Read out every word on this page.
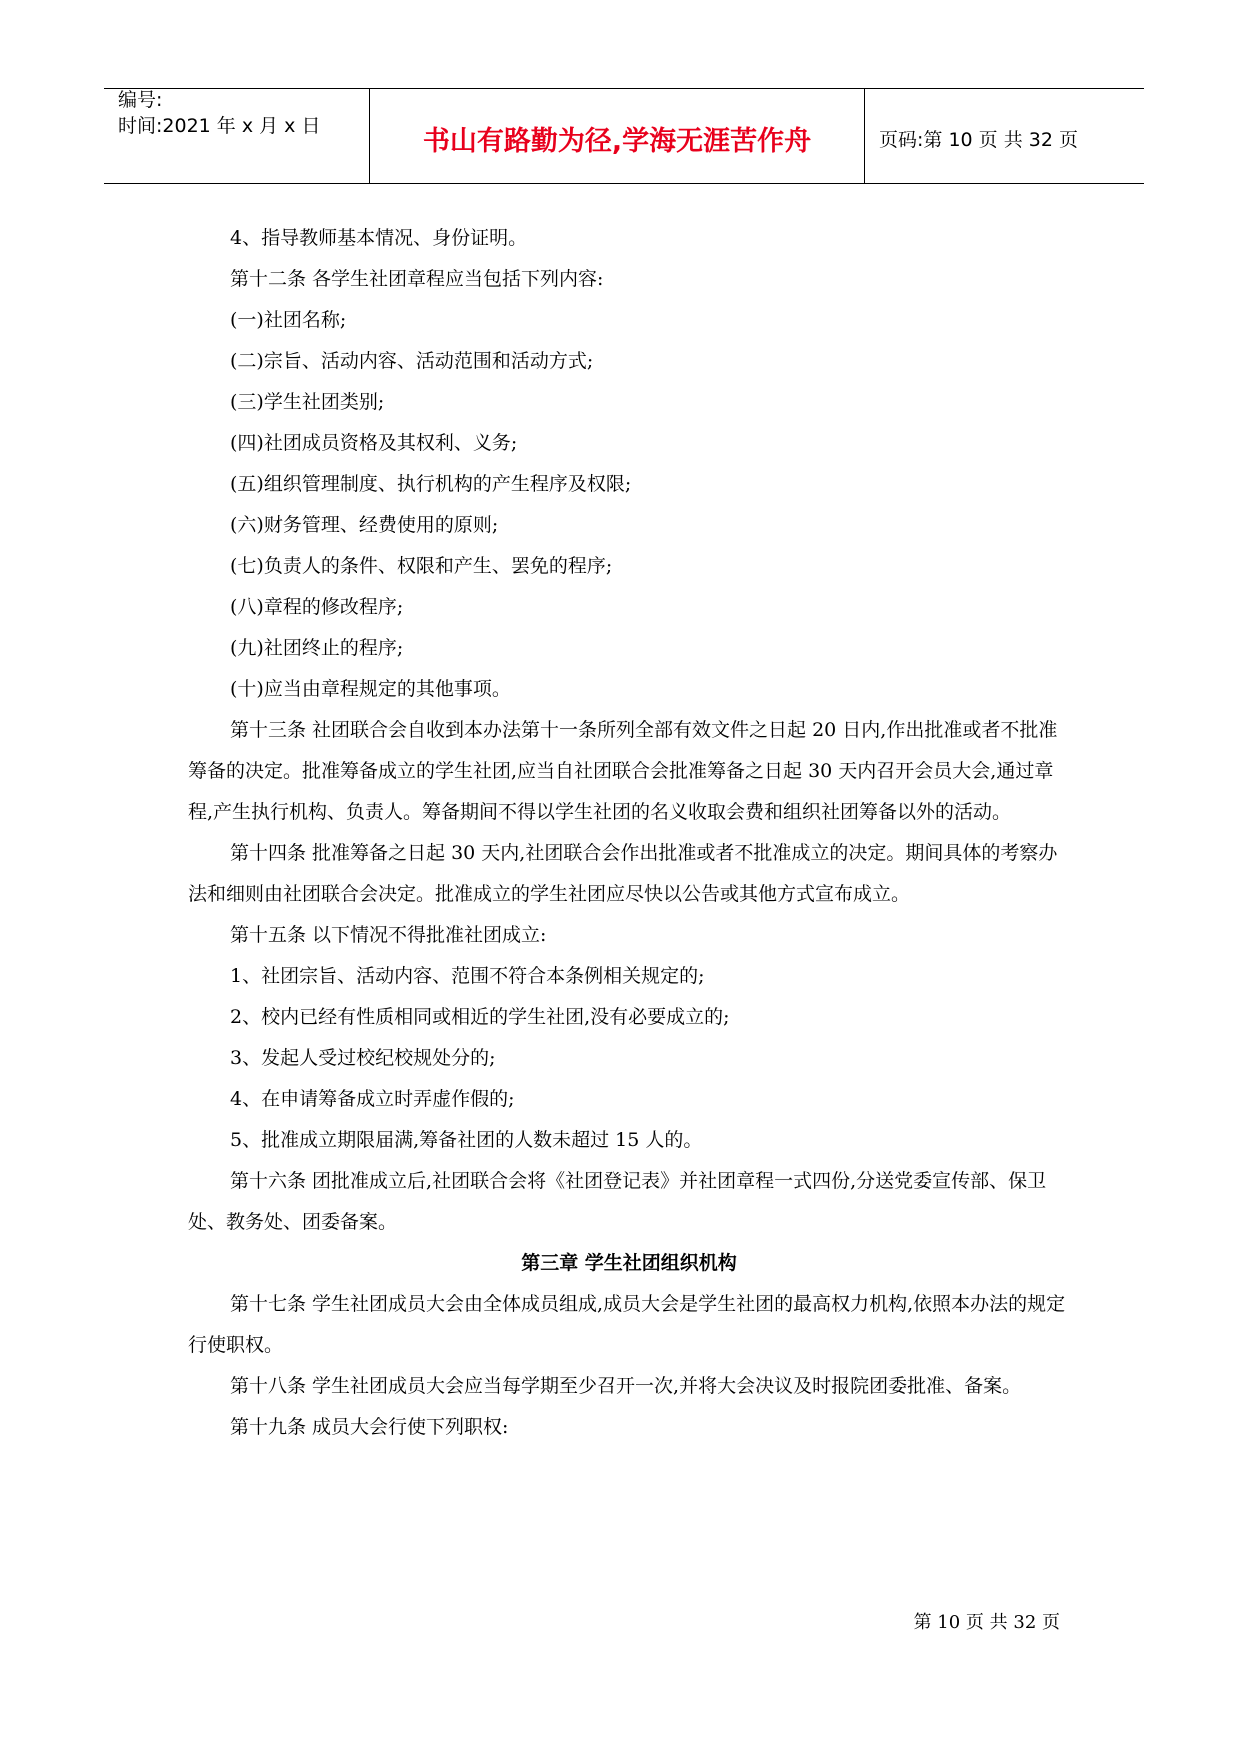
编号:
时间:2021 年 x 月 x 日	书山有路勤为径,学海无涯苦作舟	页码:第 10 页 共 32 页

4、指导教师基本情况、身份证明。

第十二条 各学生社团章程应当包括下列内容:

(一)社团名称;

(二)宗旨、活动内容、活动范围和活动方式;

(三)学生社团类别;

(四)社团成员资格及其权利、义务;

(五)组织管理制度、执行机构的产生程序及权限;

(六)财务管理、经费使用的原则;

(七)负责人的条件、权限和产生、罢免的程序;

(八)章程的修改程序;

(九)社团终止的程序;

(十)应当由章程规定的其他事项。

第十三条 社团联合会自收到本办法第十一条所列全部有效文件之日起 20 日内,作出批准或者不批准筹备的决定。批准筹备成立的学生社团,应当自社团联合会批准筹备之日起 30 天内召开会员大会,通过章程,产生执行机构、负责人。筹备期间不得以学生社团的名义收取会费和组织社团筹备以外的活动。

第十四条 批准筹备之日起 30 天内,社团联合会作出批准或者不批准成立的决定。期间具体的考察办法和细则由社团联合会决定。批准成立的学生社团应尽快以公告或其他方式宣布成立。

第十五条 以下情况不得批准社团成立:

1、社团宗旨、活动内容、范围不符合本条例相关规定的;

2、校内已经有性质相同或相近的学生社团,没有必要成立的;

3、发起人受过校纪校规处分的;

4、在申请筹备成立时弄虚作假的;

5、批准成立期限届满,筹备社团的人数未超过 15 人的。

第十六条 团批准成立后,社团联合会将《社团登记表》并社团章程一式四份,分送党委宣传部、保卫处、教务处、团委备案。

第三章 学生社团组织机构

第十七条 学生社团成员大会由全体成员组成,成员大会是学生社团的最高权力机构,依照本办法的规定行使职权。

第十八条 学生社团成员大会应当每学期至少召开一次,并将大会决议及时报院团委批准、备案。

第十九条 成员大会行使下列职权:

第 10 页 共 32 页
